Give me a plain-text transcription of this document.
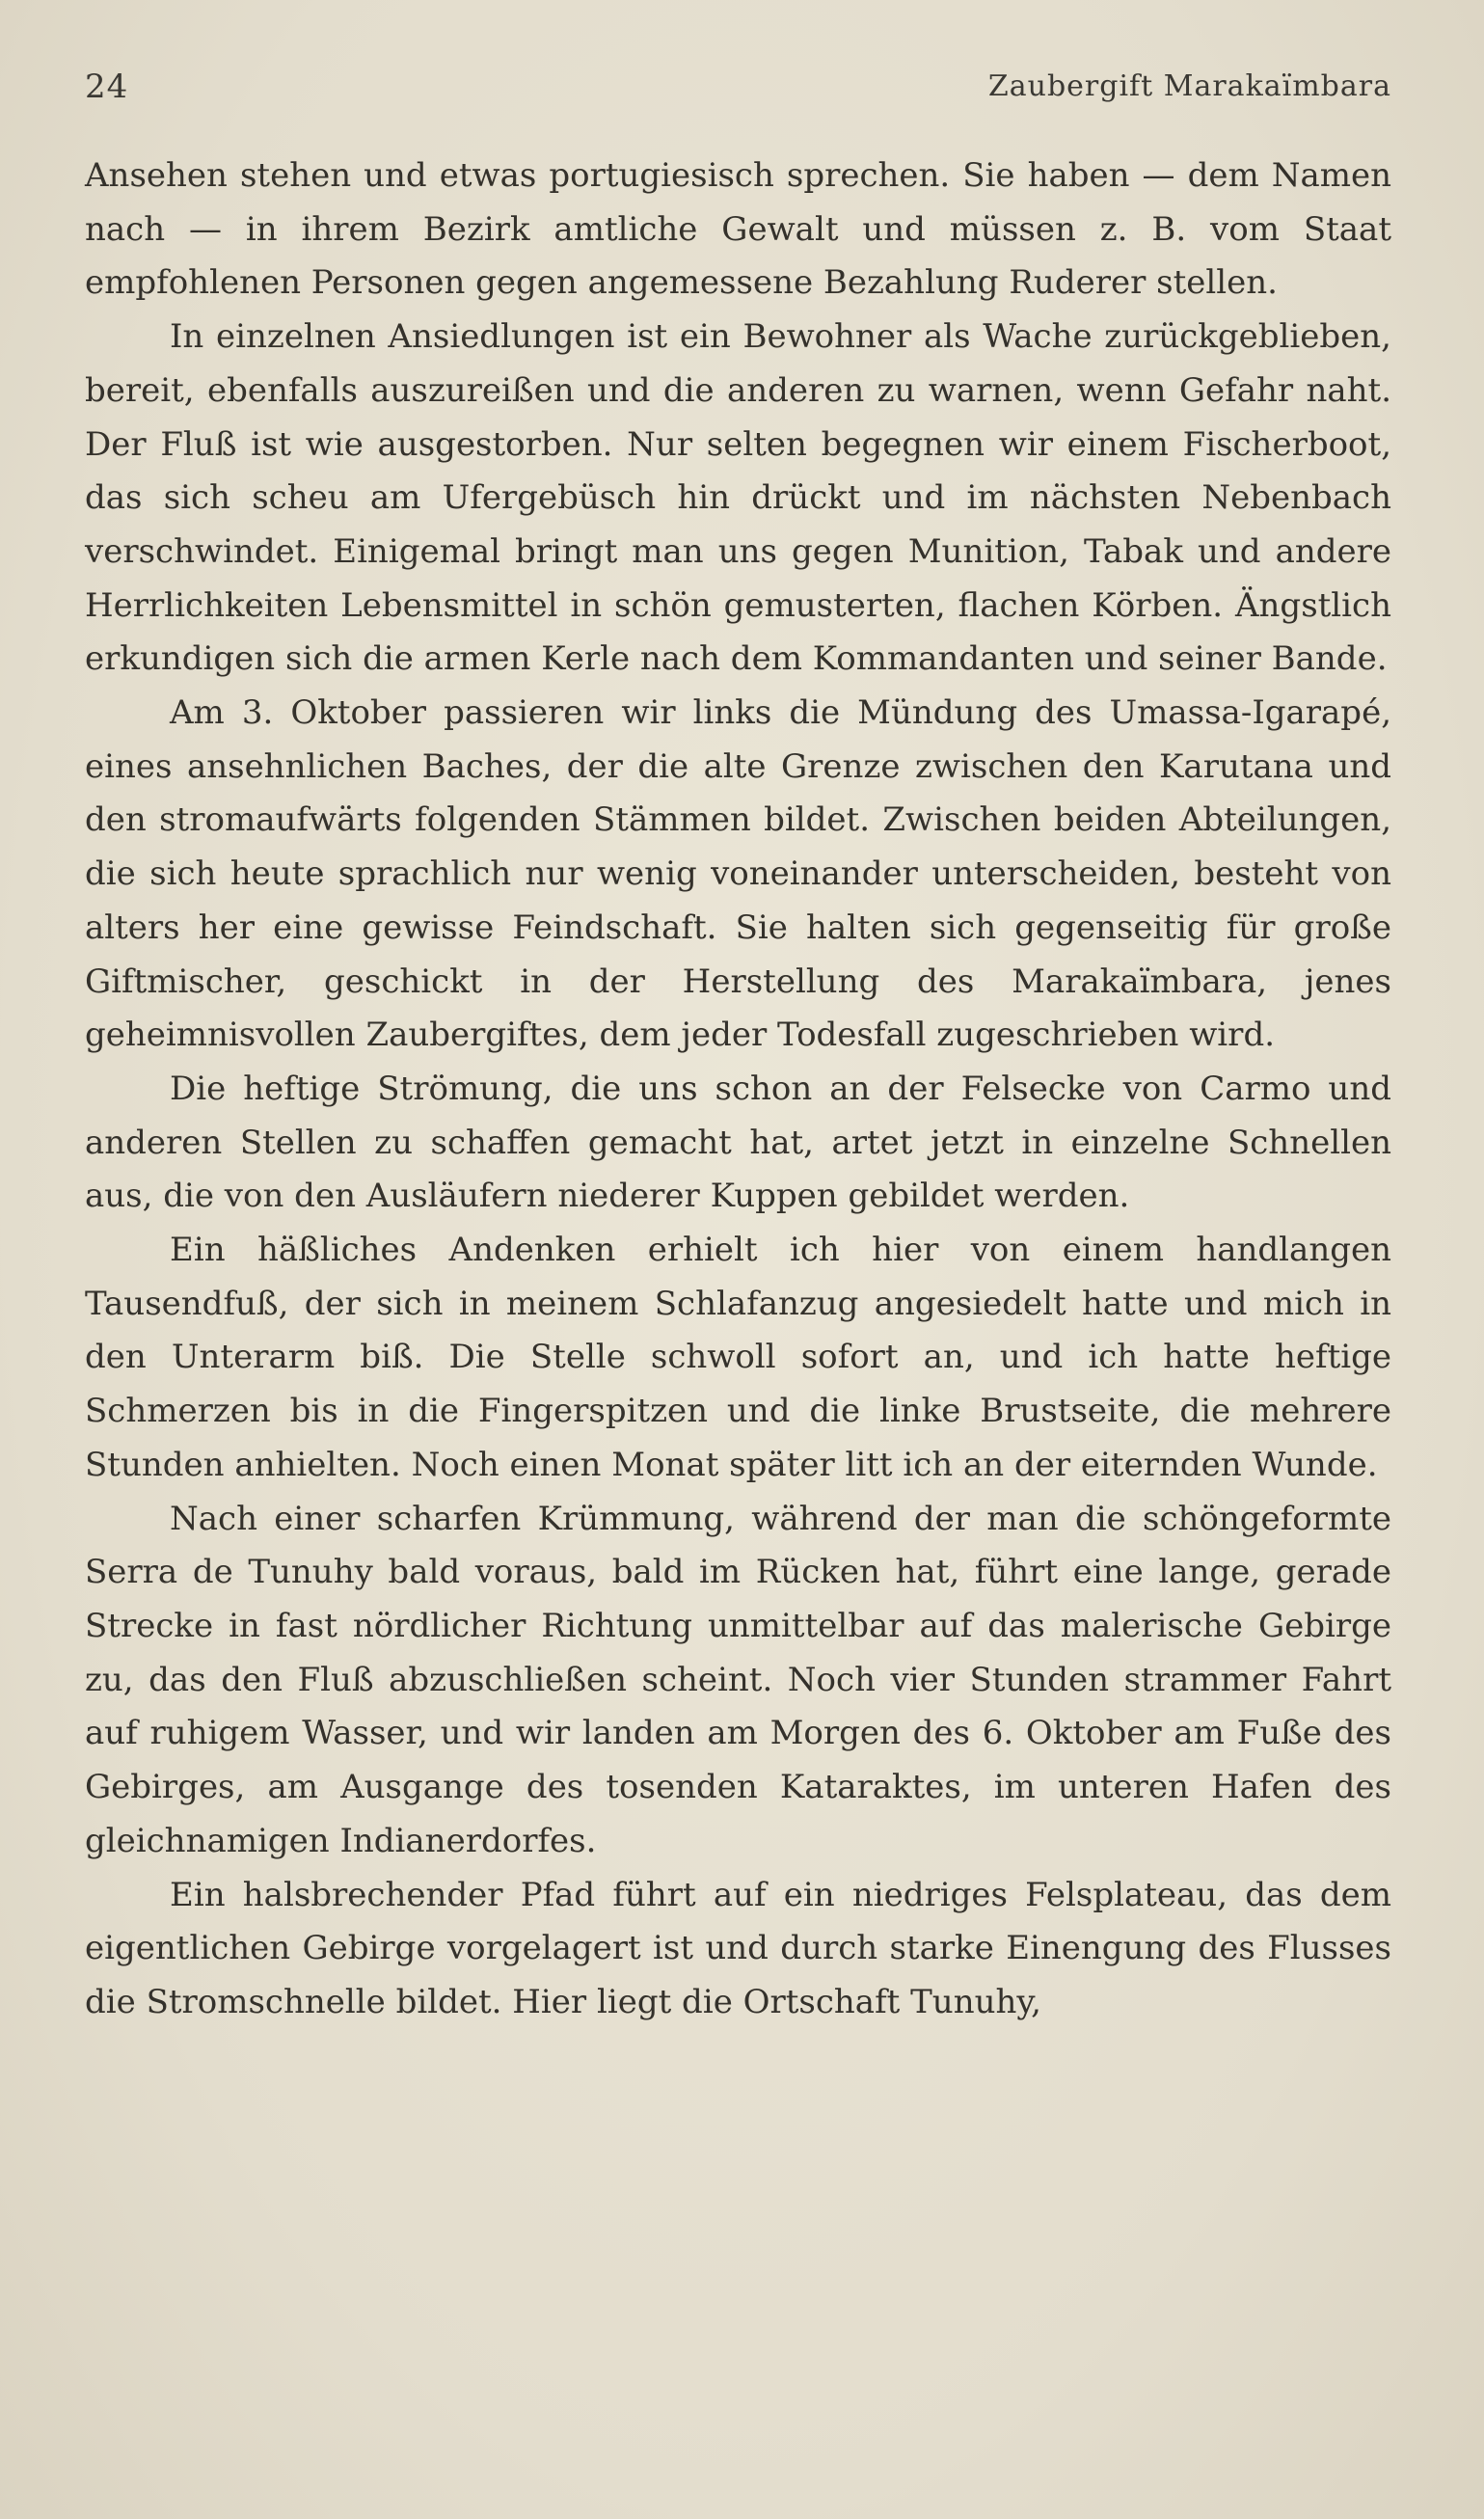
24	Zaubergift Marakaïmbara

Ansehen stehen und etwas portugiesisch sprechen. Sie haben — dem Namen nach — in ihrem Bezirk amtliche Gewalt und müssen z. B. vom Staat empfohlenen Personen gegen angemessene Bezahlung Ruderer stellen.

In einzelnen Ansiedlungen ist ein Bewohner als Wache zurückgeblieben, bereit, ebenfalls auszureißen und die anderen zu warnen, wenn Gefahr naht. Der Fluß ist wie ausgestorben. Nur selten begegnen wir einem Fischerboot, das sich scheu am Ufergebüsch hin drückt und im nächsten Nebenbach verschwindet. Einigemal bringt man uns gegen Munition, Tabak und andere Herrlichkeiten Lebensmittel in schön gemusterten, flachen Körben. Ängstlich erkundigen sich die armen Kerle nach dem Kommandanten und seiner Bande.

Am 3. Oktober passieren wir links die Mündung des Umassa-Igarapé, eines ansehnlichen Baches, der die alte Grenze zwischen den Karutana und den stromaufwärts folgenden Stämmen bildet. Zwischen beiden Abteilungen, die sich heute sprachlich nur wenig voneinander unterscheiden, besteht von alters her eine gewisse Feindschaft. Sie halten sich gegenseitig für große Giftmischer, geschickt in der Herstellung des Marakaïmbara, jenes geheimnisvollen Zaubergiftes, dem jeder Todesfall zugeschrieben wird.

Die heftige Strömung, die uns schon an der Felsecke von Carmo und anderen Stellen zu schaffen gemacht hat, artet jetzt in einzelne Schnellen aus, die von den Ausläufern niederer Kuppen gebildet werden.

Ein häßliches Andenken erhielt ich hier von einem handlangen Tausendfuß, der sich in meinem Schlafanzug angesiedelt hatte und mich in den Unterarm biß. Die Stelle schwoll sofort an, und ich hatte heftige Schmerzen bis in die Fingerspitzen und die linke Brustseite, die mehrere Stunden anhielten. Noch einen Monat später litt ich an der eiternden Wunde.

Nach einer scharfen Krümmung, während der man die schöngeformte Serra de Tunuhy bald voraus, bald im Rücken hat, führt eine lange, gerade Strecke in fast nördlicher Richtung unmittelbar auf das malerische Gebirge zu, das den Fluß abzuschließen scheint. Noch vier Stunden strammer Fahrt auf ruhigem Wasser, und wir landen am Morgen des 6. Oktober am Fuße des Gebirges, am Ausgange des tosenden Kataraktes, im unteren Hafen des gleichnamigen Indianerdorfes.

Ein halsbrechender Pfad führt auf ein niedriges Felsplateau, das dem eigentlichen Gebirge vorgelagert ist und durch starke Einengung des Flusses die Stromschnelle bildet. Hier liegt die Ortschaft Tunuhy,
